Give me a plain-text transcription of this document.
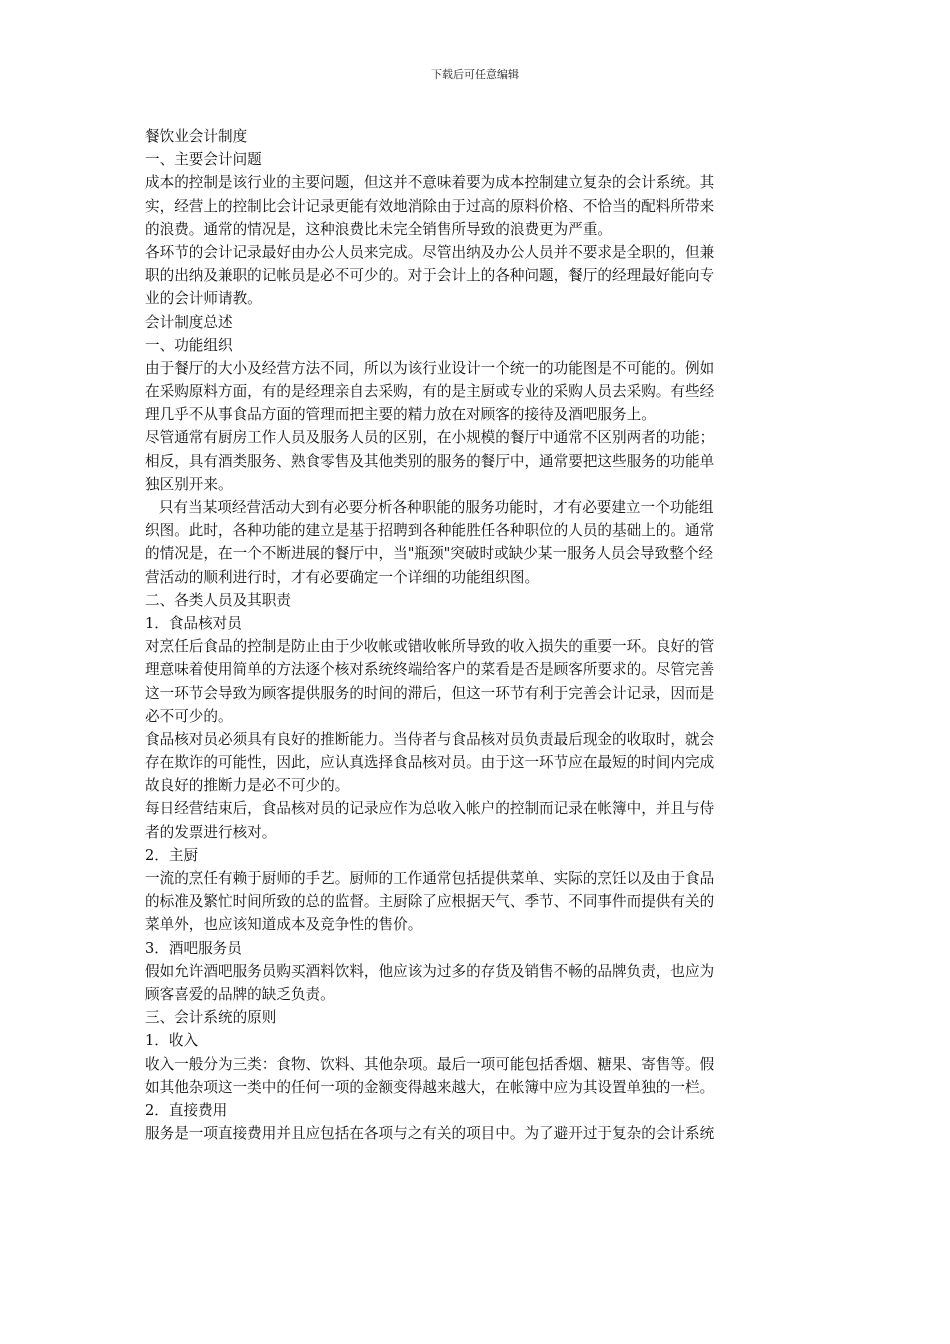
下载后可任意编辑
餐饮业会计制度
一、主要会计问题
成本的控制是该行业的主要问题，但这并不意味着要为成本控制建立复杂的会计系统。其
实，经营上的控制比会计记录更能有效地消除由于过高的原料价格、不恰当的配料所带来
的浪费。通常的情况是，这种浪费比未完全销售所导致的浪费更为严重。
各环节的会计记录最好由办公人员来完成。尽管出纳及办公人员并不要求是全职的，但兼
职的出纳及兼职的记帐员是必不可少的。对于会计上的各种问题，餐厅的经理最好能向专
业的会计师请教。
会计制度总述
一、功能组织
由于餐厅的大小及经营方法不同，所以为该行业设计一个统一的功能图是不可能的。例如
在采购原料方面，有的是经理亲自去采购，有的是主厨或专业的采购人员去采购。有些经
理几乎不从事食品方面的管理而把主要的精力放在对顾客的接待及酒吧服务上。
尽管通常有厨房工作人员及服务人员的区别，在小规模的餐厅中通常不区别两者的功能；
相反，具有酒类服务、熟食零售及其他类别的服务的餐厅中，通常要把这些服务的功能单
独区别开来。
只有当某项经营活动大到有必要分析各种职能的服务功能时，才有必要建立一个功能组
织图。此时，各种功能的建立是基于招聘到各种能胜任各种职位的人员的基础上的。通常
的情况是，在一个不断进展的餐厅中，当"瓶颈"突破时或缺少某一服务人员会导致整个经
营活动的顺利进行时，才有必要确定一个详细的功能组织图。
二、各类人员及其职责
1．食品核对员
对烹任后食品的控制是防止由于少收帐或错收帐所导致的收入损失的重要一环。良好的管
理意味着使用简单的方法逐个核对系统终端给客户的菜看是否是顾客所要求的。尽管完善
这一环节会导致为顾客提供服务的时间的滞后，但这一环节有利于完善会计记录，因而是
必不可少的。
食品核对员必须具有良好的推断能力。当侍者与食品核对员负责最后现金的收取时，就会
存在欺诈的可能性，因此，应认真选择食品核对员。由于这一环节应在最短的时间内完成
故良好的推断力是必不可少的。
每日经营结束后，食品核对员的记录应作为总收入帐户的控制而记录在帐簿中，并且与侍
者的发票进行核对。
2．主厨
一流的烹任有赖于厨师的手艺。厨师的工作通常包括提供菜单、实际的烹饪以及由于食品
的标准及繁忙时间所致的总的监督。主厨除了应根据天气、季节、不同事件而提供有关的
菜单外，也应该知道成本及竞争性的售价。
3．酒吧服务员
假如允许酒吧服务员购买酒料饮料，他应该为过多的存货及销售不畅的品牌负责，也应为
顾客喜爱的品牌的缺乏负责。
三、会计系统的原则
1．收入
收入一般分为三类：食物、饮料、其他杂项。最后一项可能包括香烟、糖果、寄售等。假
如其他杂项这一类中的任何一项的金额变得越来越大，在帐簿中应为其设置单独的一栏。
2．直接费用
服务是一项直接费用并且应包括在各项与之有关的项目中。为了避开过于复杂的会计系统
